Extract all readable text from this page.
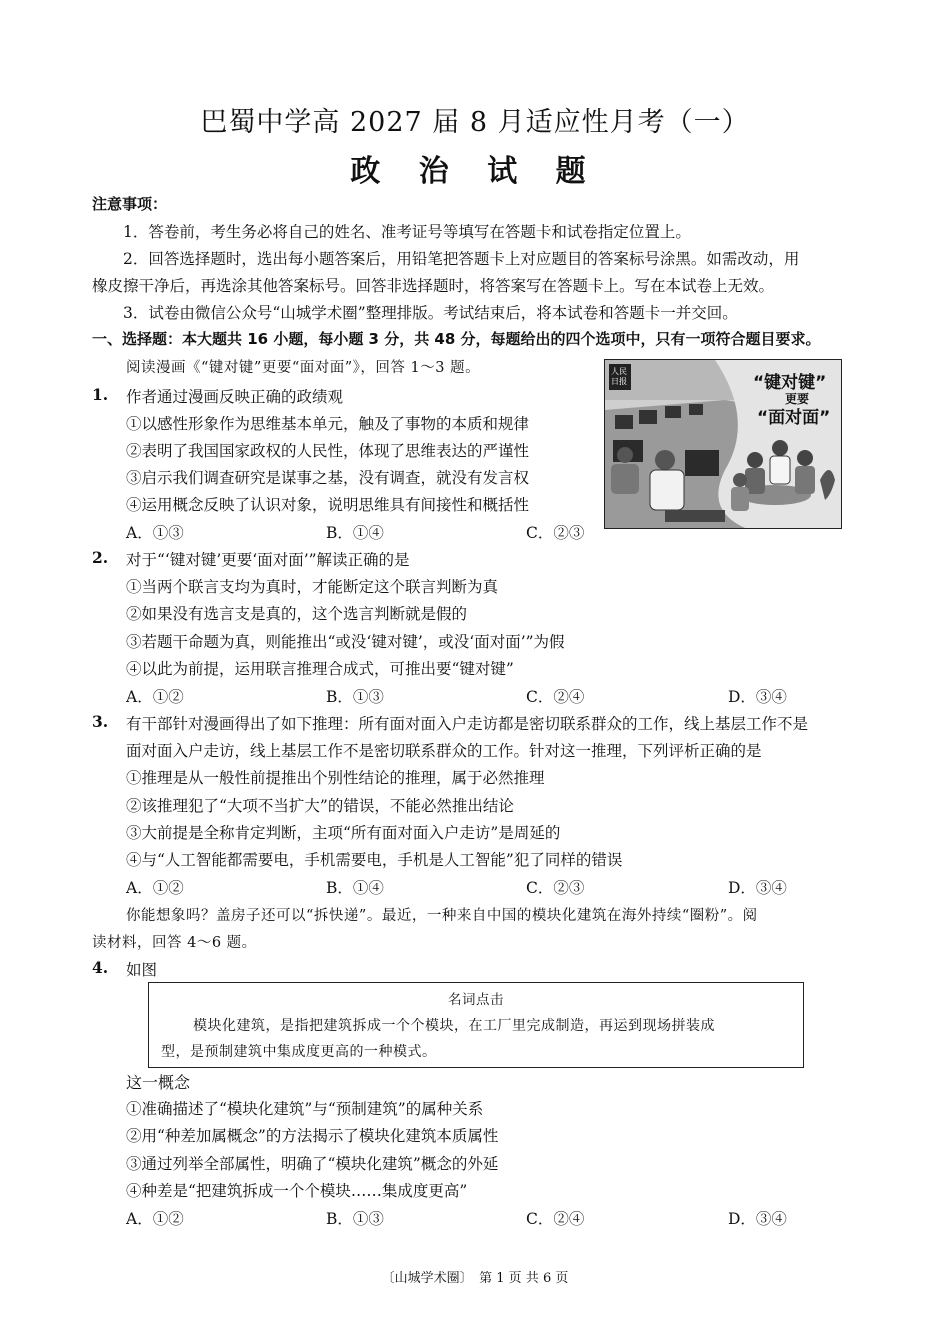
巴蜀中学高 2027 届 8 月适应性月考（一）
政 治 试 题
注意事项：
1．答卷前，考生务必将自己的姓名、准考证号等填写在答题卡和试卷指定位置上。
2．回答选择题时，选出每小题答案后，用铅笔把答题卡上对应题目的答案标号涂黑。如需改动，用
橡皮擦干净后，再选涂其他答案标号。回答非选择题时，将答案写在答题卡上。写在本试卷上无效。
3．试卷由微信公众号“山城学术圈”整理排版。考试结束后，将本试卷和答题卡一并交回。
一、选择题：本大题共 16 小题，每小题 3 分，共 48 分，每题给出的四个选项中，只有一项符合题目要求。
阅读漫画《“键对键”更要“面对面”》，回答 1～3 题。	人民日报	“键对键”
更要
“面对面”
1. 作者通过漫画反映正确的政绩观
①以感性形象作为思维基本单元，触及了事物的本质和规律
②表明了我国国家政权的人民性，体现了思维表达的严谨性
③启示我们调查研究是谋事之基，没有调查，就没有发言权
④运用概念反映了认识对象，说明思维具有间接性和概括性
A．①③	B．①④	C．②③
2. 对于“‘键对键’更要‘面对面’”解读正确的是
①当两个联言支均为真时，才能断定这个联言判断为真
②如果没有选言支是真的，这个选言判断就是假的
③若题干命题为真，则能推出“或没‘键对键’，或没‘面对面’”为假
④以此为前提，运用联言推理合成式，可推出要“键对键”
A．①②	B．①③	C．②④	D．③④
3. 有干部针对漫画得出了如下推理：所有面对面入户走访都是密切联系群众的工作，线上基层工作不是
面对面入户走访，线上基层工作不是密切联系群众的工作。针对这一推理，下列评析正确的是
①推理是从一般性前提推出个别性结论的推理，属于必然推理
②该推理犯了“大项不当扩大”的错误，不能必然推出结论
③大前提是全称肯定判断，主项“所有面对面入户走访”是周延的
④与“人工智能都需要电，手机需要电，手机是人工智能”犯了同样的错误
A．①②	B．①④	C．②③	D．③④
你能想象吗？盖房子还可以“拆快递”。最近，一种来自中国的模块化建筑在海外持续“圈粉”。阅
读材料，回答 4～6 题。
4. 如图
名词点击
模块化建筑，是指把建筑拆成一个个模块，在工厂里完成制造，再运到现场拼装成
型，是预制建筑中集成度更高的一种模式。
这一概念
①准确描述了“模块化建筑”与“预制建筑”的属种关系
②用“种差加属概念”的方法揭示了模块化建筑本质属性
③通过列举全部属性，明确了“模块化建筑”概念的外延
④种差是“把建筑拆成一个个模块……集成度更高”
A．①②	B．①③	C．②④	D．③④
〔山城学术圈〕　第 1 页 共 6 页
